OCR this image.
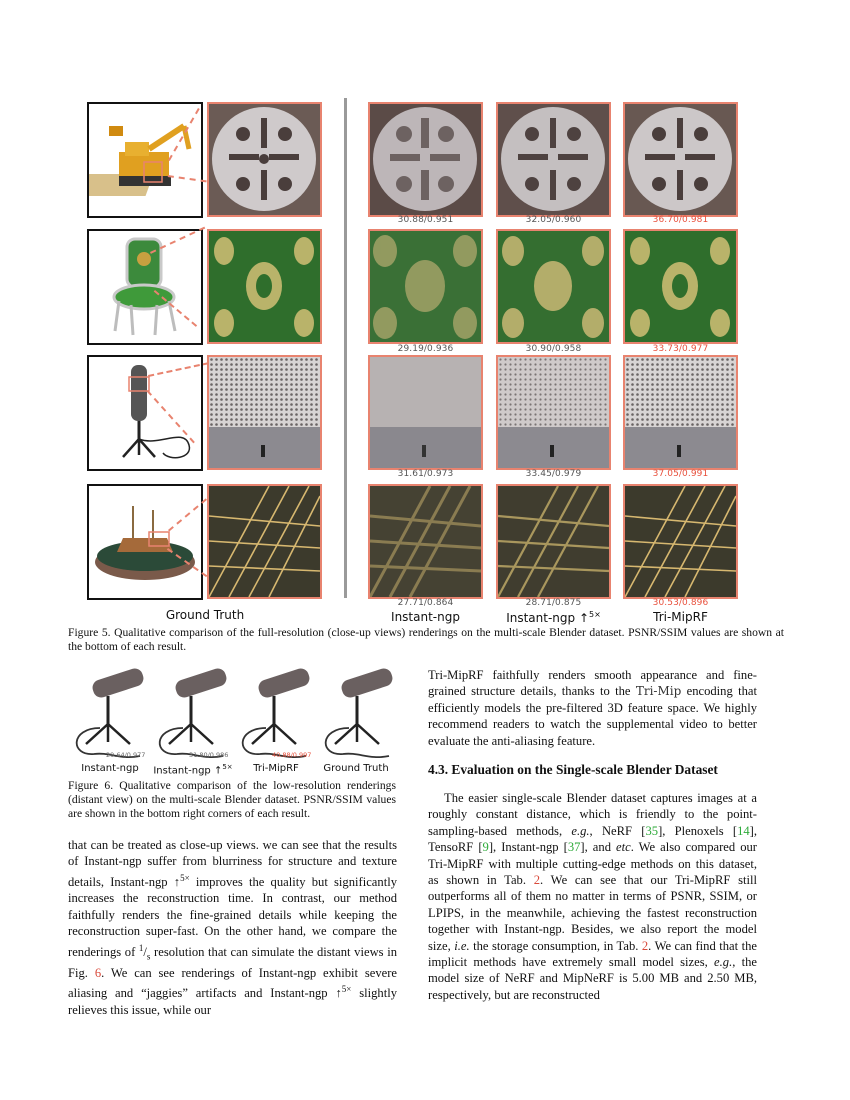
30.88/0.951	32.05/0.960	36.70/0.981
29.19/0.936	30.90/0.958	33.73/0.977
31.61/0.973	33.45/0.979	37.05/0.991
27.71/0.864	28.71/0.875	30.53/0.896
Ground Truth	Instant-ngp	Instant-ngp ↑$^{5\times}$	Tri-MipRF
Figure 5. Qualitative comparison of the full-resolution (close-up views) renderings on the multi-scale Blender dataset. PSNR/SSIM values are shown at the bottom of each result.
29.64/0.977
Instant-ngp
31.80/0.986
Instant-ngp ↑$^{5\times}$
40.88/0.997
Tri-MipRF	Ground Truth
Figure 6. Qualitative comparison of the low-resolution renderings (distant view) on the multi-scale Blender dataset. PSNR/SSIM values are shown in the bottom right corners of each result.
that can be treated as close-up views. we can see that the results of Instant-ngp suffer from blurriness for structure and texture details, Instant-ngp ↑$^{5\times}$ improves the quality but significantly increases the reconstruction time. In contrast, our method faithfully renders the fine-grained details while keeping the reconstruction super-fast. On the other hand, we compare the renderings of $^1/_s$ resolution that can simulate the distant views in Fig. 6. We can see renderings of Instant-ngp exhibit severe aliasing and “jaggies” artifacts and Instant-ngp ↑$^{5\times}$ slightly relieves this issue, while our
Tri-MipRF faithfully renders smooth appearance and fine-grained structure details, thanks to the Tri-Mip encoding that efficiently models the pre-filtered 3D feature space. We highly recommend readers to watch the supplemental video to better evaluate the anti-aliasing feature.
4.3. Evaluation on the Single-scale Blender Dataset
The easier single-scale Blender dataset captures images at a roughly constant distance, which is friendly to the point-sampling-based methods, e.g., NeRF [35], Plenoxels [14], TensoRF [9], Instant-ngp [37], and etc. We also compared our Tri-MipRF with multiple cutting-edge methods on this dataset, as shown in Tab. 2. We can see that our Tri-MipRF still outperforms all of them no matter in terms of PSNR, SSIM, or LPIPS, in the meanwhile, achieving the fastest reconstruction together with Instant-ngp. Besides, we also report the model size, i.e. the storage consumption, in Tab. 2. We can find that the implicit methods have extremely small model sizes, e.g., the model size of NeRF and MipNeRF is 5.00 MB and 2.50 MB, respectively, but are reconstructed
